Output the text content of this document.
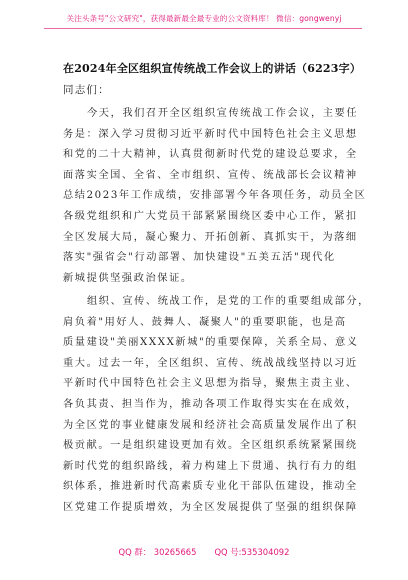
关注头条号"公文研究"，获得最新最全最专业的公文资料库！ 微信：gongwenyj
在2024年全区组织宣传统战工作会议上的讲话（6223字）
同志们：
今天，我们召开全区组织宣传统战工作会议，主要任
务是：深入学习贯彻习近平新时代中国特色社会主义思想
和党的二十大精神，认真贯彻新时代党的建设总要求，全
面落实全国、全省、全市组织、宣传、统战部长会议精神
总结2023年工作成绩，安排部署今年各项任务，动员全区
各级党组织和广大党员干部紧紧围绕区委中心工作，紧扣
全区发展大局，凝心聚力、开拓创新、真抓实干，为落细
落实"强省会"行动部署、加快建设"五美五活"现代化
新城提供坚强政治保证。
组织、宣传、统战工作，是党的工作的重要组成部分，
肩负着"用好人、鼓舞人、凝聚人"的重要职能，也是高
质量建设"美丽XXXX新城"的重要保障，关系全局、意义
重大。过去一年，全区组织、宣传、统战战线坚持以习近
平新时代中国特色社会主义思想为指导，聚焦主责主业、
各负其责、担当作为，推动各项工作取得实实在在成效，
为全区党的事业健康发展和经济社会高质量发展作出了积
极贡献。一是组织建设更加有效。全区组织系统紧紧围绕
新时代党的组织路线，着力构建上下贯通、执行有力的组
织体系，推进新时代高素质专业化干部队伍建设，推动全
区党建工作提质增效，为全区发展提供了坚强的组织保障
QQ 群： 30265665 QQ 号:535304092
